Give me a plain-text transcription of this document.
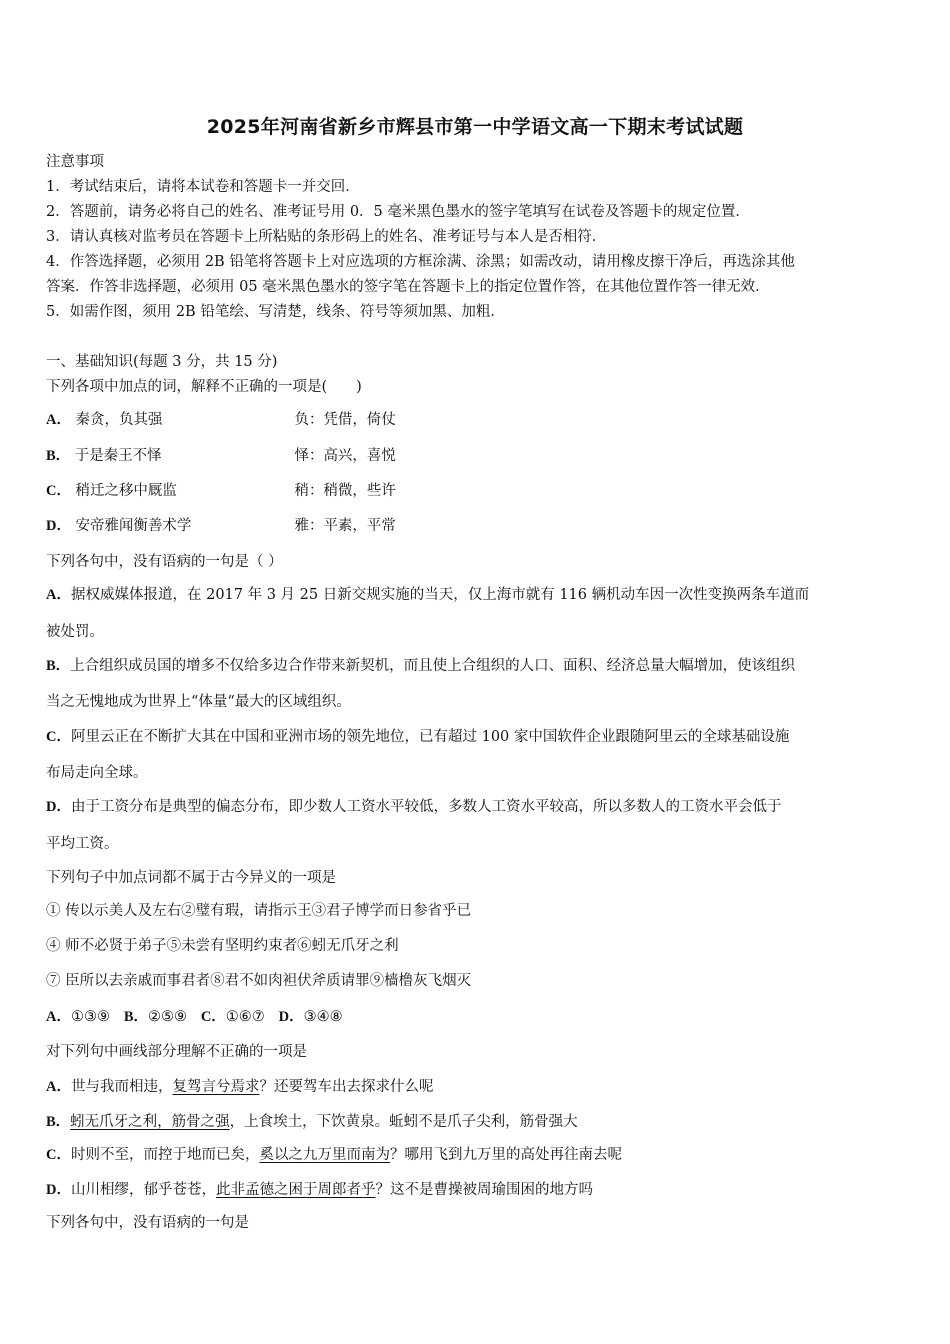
2025年河南省新乡市辉县市第一中学语文高一下期末考试试题
注意事项
1．考试结束后，请将本试卷和答题卡一并交回．
2．答题前，请务必将自己的姓名、准考证号用 0．5 毫米黑色墨水的签字笔填写在试卷及答题卡的规定位置．
3．请认真核对监考员在答题卡上所粘贴的条形码上的姓名、准考证号与本人是否相符．
4．作答选择题，必须用 2B 铅笔将答题卡上对应选项的方框涂满、涂黑；如需改动，请用橡皮擦干净后，再选涂其他
答案．作答非选择题，必须用 05 毫米黑色墨水的签字笔在答题卡上的指定位置作答，在其他位置作答一律无效．
5．如需作图，须用 2B 铅笔绘、写清楚，线条、符号等须加黑、加粗．
一、基础知识(每题 3 分，共 15 分)
下列各项中加点的词，解释不正确的一项是(　　)
A． 秦贪，负其强	负：凭借，倚仗
B． 于是秦王不怿	怿：高兴，喜悦
C． 稍迁之移中厩监	稍：稍微，些许
D． 安帝雅闻衡善术学	雅：平素，平常
下列各句中，没有语病的一句是（ ）
A．据权威媒体报道，在 2017 年 3 月 25 日新交规实施的当天，仅上海市就有 116 辆机动车因一次性变换两条车道而
被处罚。
B．上合组织成员国的增多不仅给多边合作带来新契机，而且使上合组织的人口、面积、经济总量大幅增加，使该组织
当之无愧地成为世界上“体量“最大的区域组织。
C．阿里云正在不断扩大其在中国和亚洲市场的领先地位，已有超过 100 家中国软件企业跟随阿里云的全球基础设施
布局走向全球。
D．由于工资分布是典型的偏态分布，即少数人工资水平较低，多数人工资水平较高，所以多数人的工资水平会低于
平均工资。
下列句子中加点词都不属于古今异义的一项是
① 传以示美人及左右②璧有瑕，请指示王③君子博学而日参省乎已
④ 师不必贤于弟子⑤未尝有坚明约束者⑥蚓无爪牙之利
⑦ 臣所以去亲戚而事君者⑧君不如肉袒伏斧质请罪⑨樯橹灰飞烟灭
A．①③⑨ B．②⑤⑨ C．①⑥⑦ D．③④⑧
对下列句中画线部分理解不正确的一项是
A．世与我而相违，复驾言兮焉求？还要驾车出去探求什么呢
B．蚓无爪牙之利，筋骨之强，上食埃土，下饮黄泉。蚯蚓不是爪子尖利，筋骨强大
C．时则不至，而控于地而已矣，奚以之九万里而南为？哪用飞到九万里的高处再往南去呢
D．山川相缪，郁乎苍苍，此非孟德之困于周郎者乎？这不是曹操被周瑜围困的地方吗
下列各句中，没有语病的一句是
